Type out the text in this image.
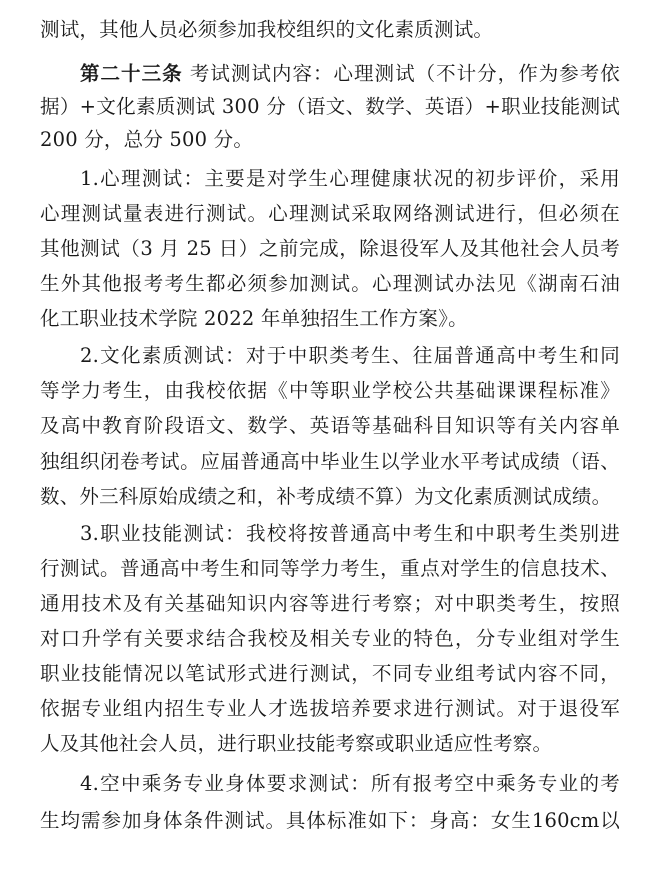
测试，其他人员必须参加我校组织的文化素质测试。
第二十三条 考试测试内容：心理测试（不计分，作为参考依
据）+文化素质测试 300 分（语文、数学、英语）+职业技能测试
200 分，总分 500 分。
1.心理测试：主要是对学生心理健康状况的初步评价，采用
心理测试量表进行测试。心理测试采取网络测试进行，但必须在
其他测试（3 月 25 日）之前完成，除退役军人及其他社会人员考
生外其他报考考生都必须参加测试。心理测试办法见《湖南石油
化工职业技术学院 2022 年单独招生工作方案》。
2.文化素质测试：对于中职类考生、往届普通高中考生和同
等学力考生，由我校依据《中等职业学校公共基础课课程标准》
及高中教育阶段语文、数学、英语等基础科目知识等有关内容单
独组织闭卷考试。应届普通高中毕业生以学业水平考试成绩（语、
数、外三科原始成绩之和，补考成绩不算）为文化素质测试成绩。
3.职业技能测试：我校将按普通高中考生和中职考生类别进
行测试。普通高中考生和同等学力考生，重点对学生的信息技术、
通用技术及有关基础知识内容等进行考察；对中职类考生，按照
对口升学有关要求结合我校及相关专业的特色，分专业组对学生
职业技能情况以笔试形式进行测试，不同专业组考试内容不同，
依据专业组内招生专业人才选拔培养要求进行测试。对于退役军
人及其他社会人员，进行职业技能考察或职业适应性考察。
4.空中乘务专业身体要求测试：所有报考空中乘务专业的考
生均需参加身体条件测试。具体标准如下：身高：女生160cm以
